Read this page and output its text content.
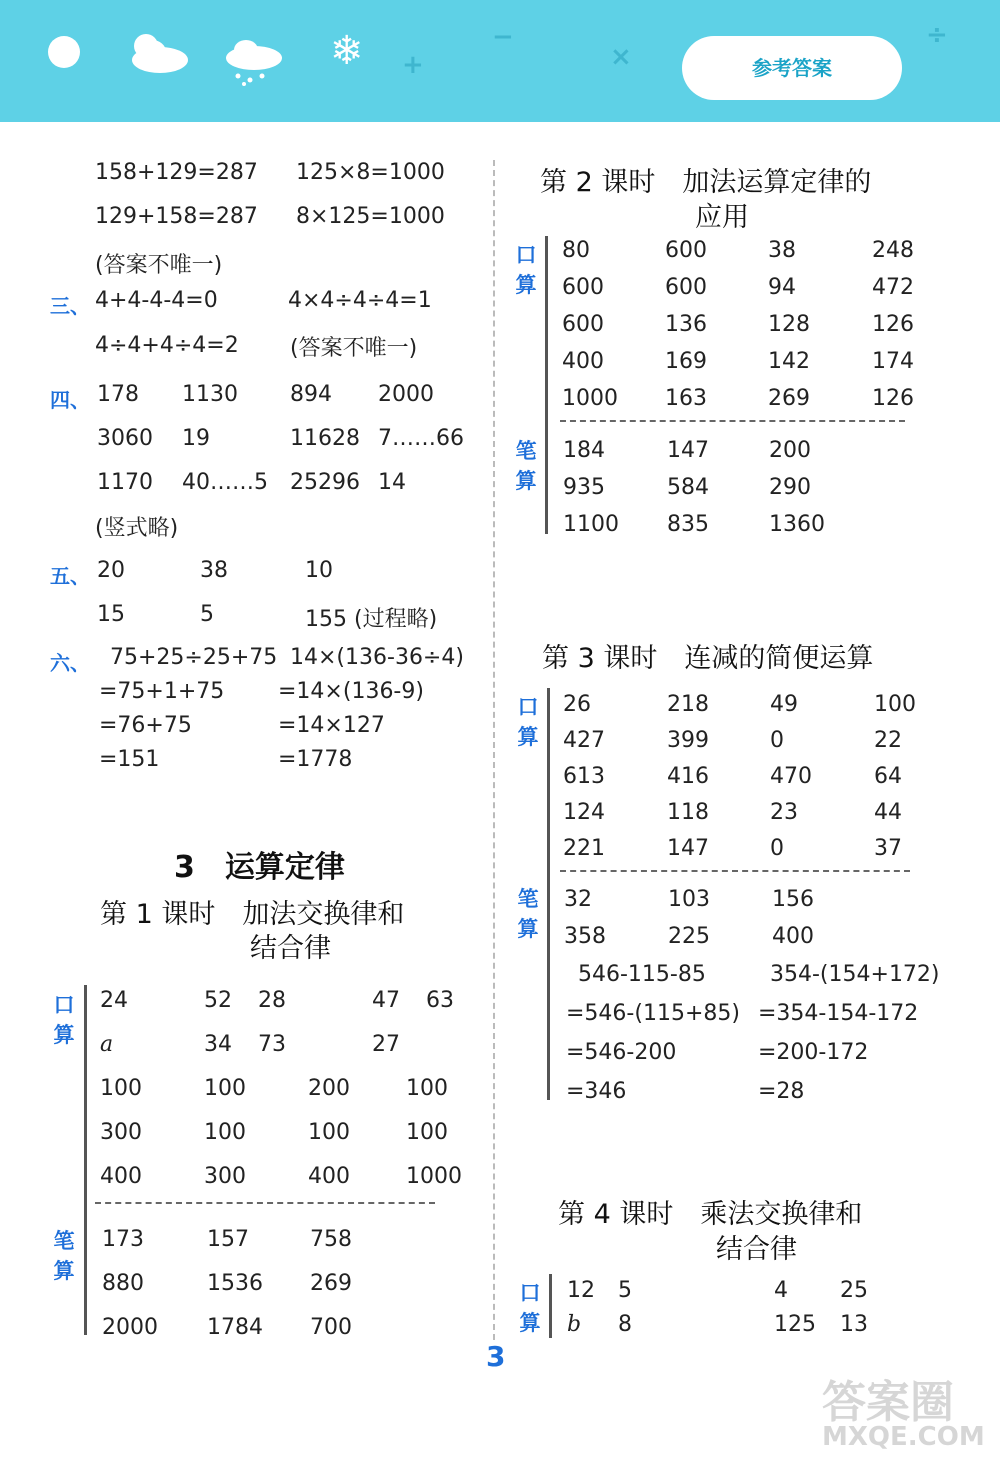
❄ +
−
×
÷
参考答案
158+129=287 125×8=1000
129+158=287 8×125=1000
(答案不唯一)
三、 4+4-4-4=0	4×4÷4÷4=1
4÷4+4÷4=2 (答案不唯一)
四、 178 1130 894 2000
3060 19	11628 7……66
1170 40……5 25296 14
(竖式略)
五、 20	38	10
15	5	155 (过程略)
六、 75+25÷25+75 14×(136-36÷4)
=75+1+75 =14×(136-9)
=76+75	=14×127
=151	=1778
3　运算定律
第 1 课时　加法交换律和
结合律
口
算
24	52 28	47 63
a	34 73	27
100	100	200	100
300	100	100	100
400	300	400	1000
笔
算
173	157	758
880	1536 269
2000 1784 700
第 2 课时　加法运算定律的
应用
口
算
80	600	38	248
600	600	94	472
600	136	128	126
400	169	142	174
1000 163	269	126
笔
算
184	147	200
935	584	290
1100 835	1360
第 3 课时　连减的简便运算
口
算
26	218	49	100
427	399	0	22
613	416	470	64
124	118	23	44
221	147	0	37
笔
算
32	103	156
358	225	400
546-115-85	354-(154+172)
=546-(115+85) =354-154-172
=546-200	=200-172
=346	=28
第 4 课时　乘法交换律和
结合律
口
算
12 5	4 25
b 8	125 13
3
答案圈
MXQE.COM
